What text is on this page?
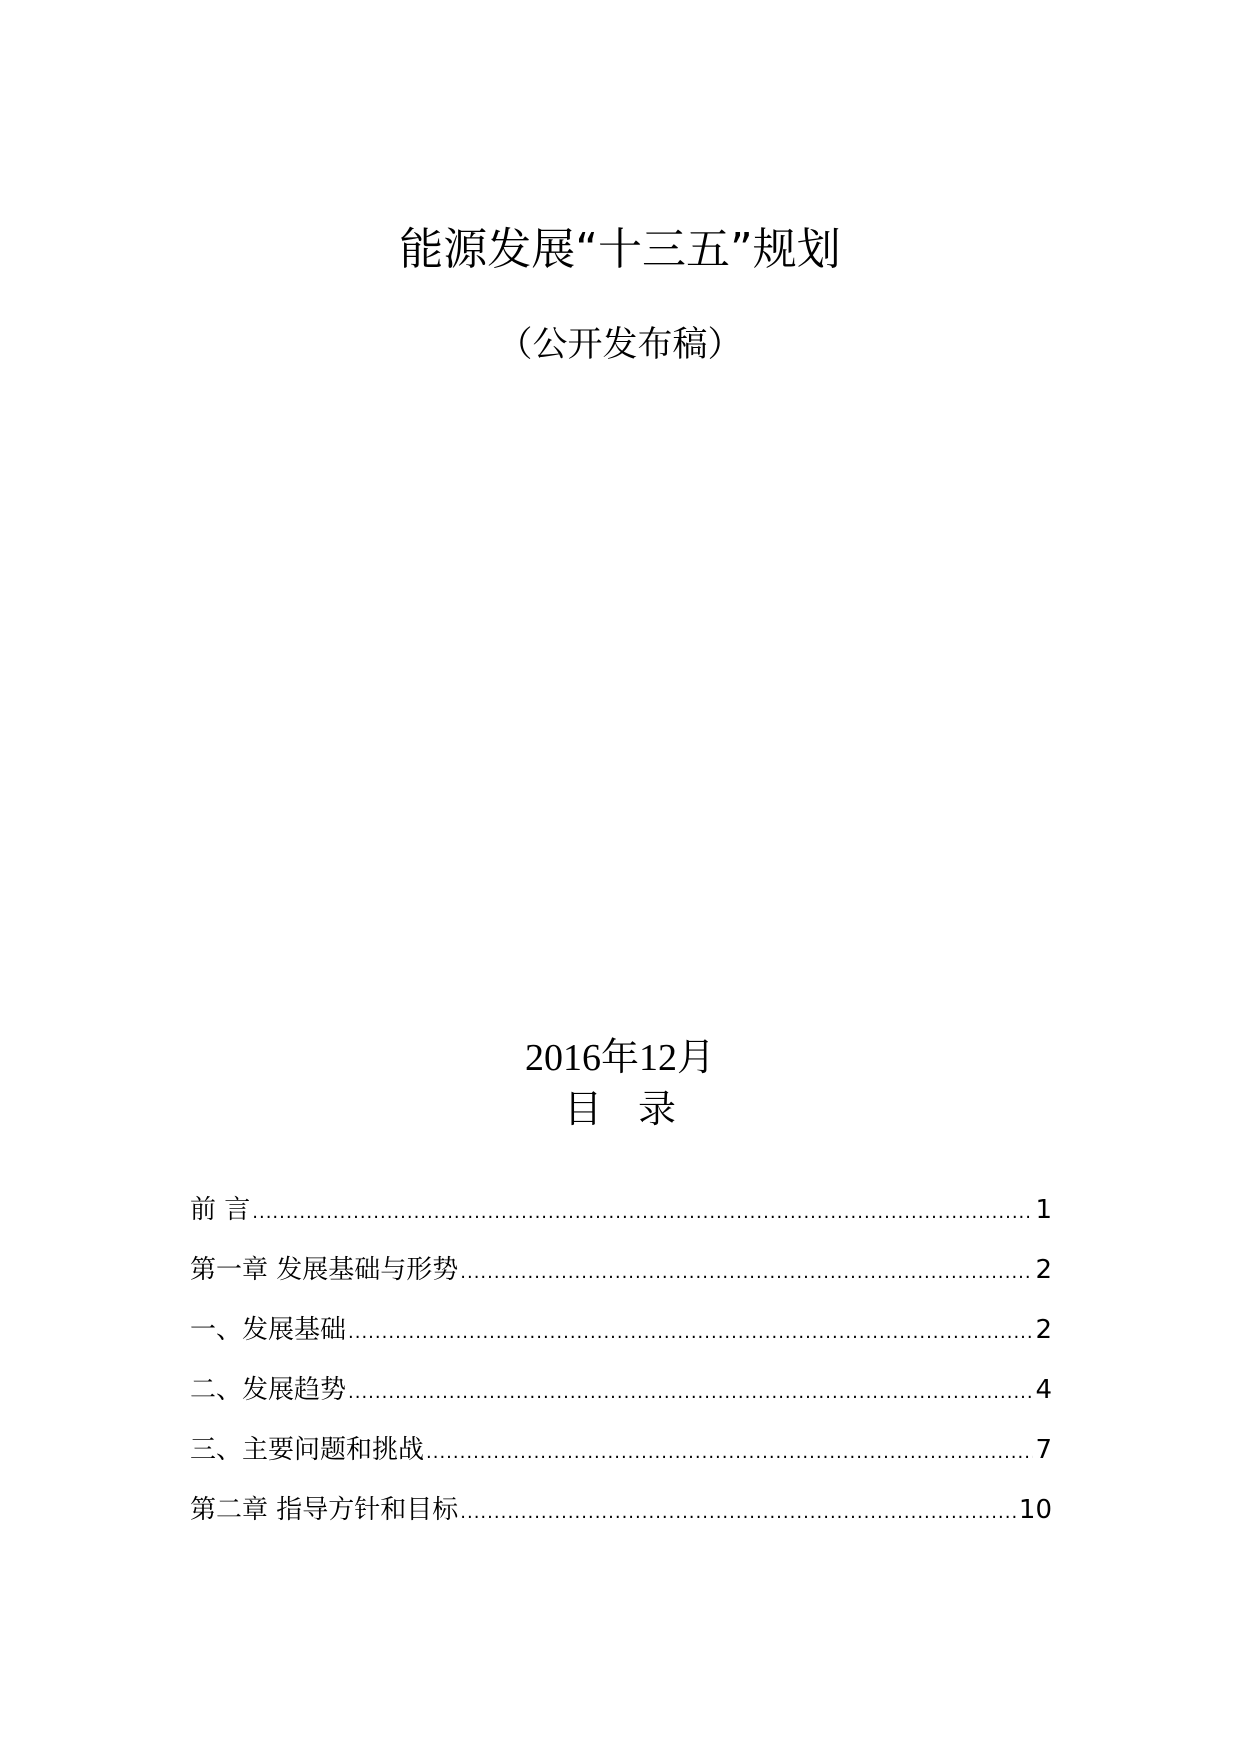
能源发展“十三五”规划
（公开发布稿）
2016年12月
目 录
前 言 .....	1
第一章 发展基础与形势 .....	2
一、发展基础 .....	2
二、发展趋势 .....	4
三、主要问题和挑战 .....	7
第二章 指导方针和目标 .....	10
